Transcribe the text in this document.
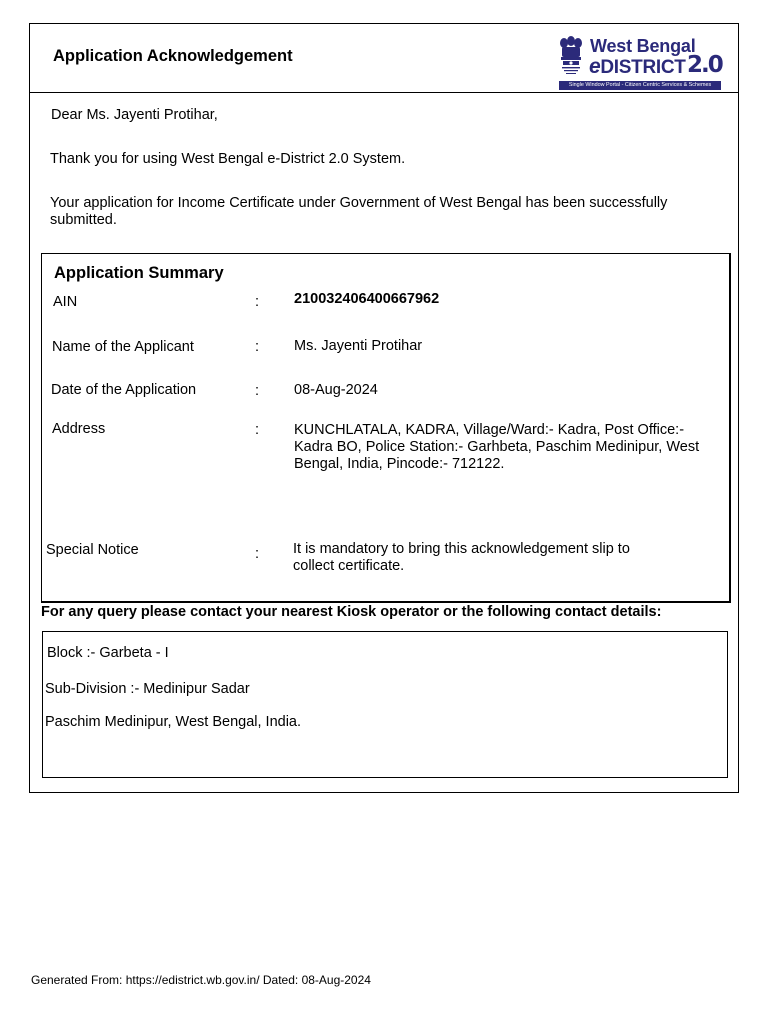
Application Acknowledgement	West Bengal
eDISTRICT 2.0
Single Window Portal - Citizen Centric Services & Schemes
Dear Ms. Jayenti Protihar,
Thank you for using West Bengal e-District 2.0 System.
Your application for Income Certificate under Government of West Bengal has been successfully submitted.
Application Summary
AIN	: 210032406400667962
Name of the Applicant	: Ms. Jayenti Protihar
Date of the Application	: 08-Aug-2024
Address	: KUNCHLATALA, KADRA, Village/Ward:- Kadra, Post Office:- Kadra BO, Police Station:- Garhbeta, Paschim Medinipur, West Bengal, India, Pincode:- 712122.
Special Notice	: It is mandatory to bring this acknowledgement slip to collect certificate.
For any query please contact your nearest Kiosk operator or the following contact details:
Block :- Garbeta - I
Sub-Division :- Medinipur Sadar
Paschim Medinipur, West Bengal, India.
Generated From: https://edistrict.wb.gov.in/ Dated: 08-Aug-2024
